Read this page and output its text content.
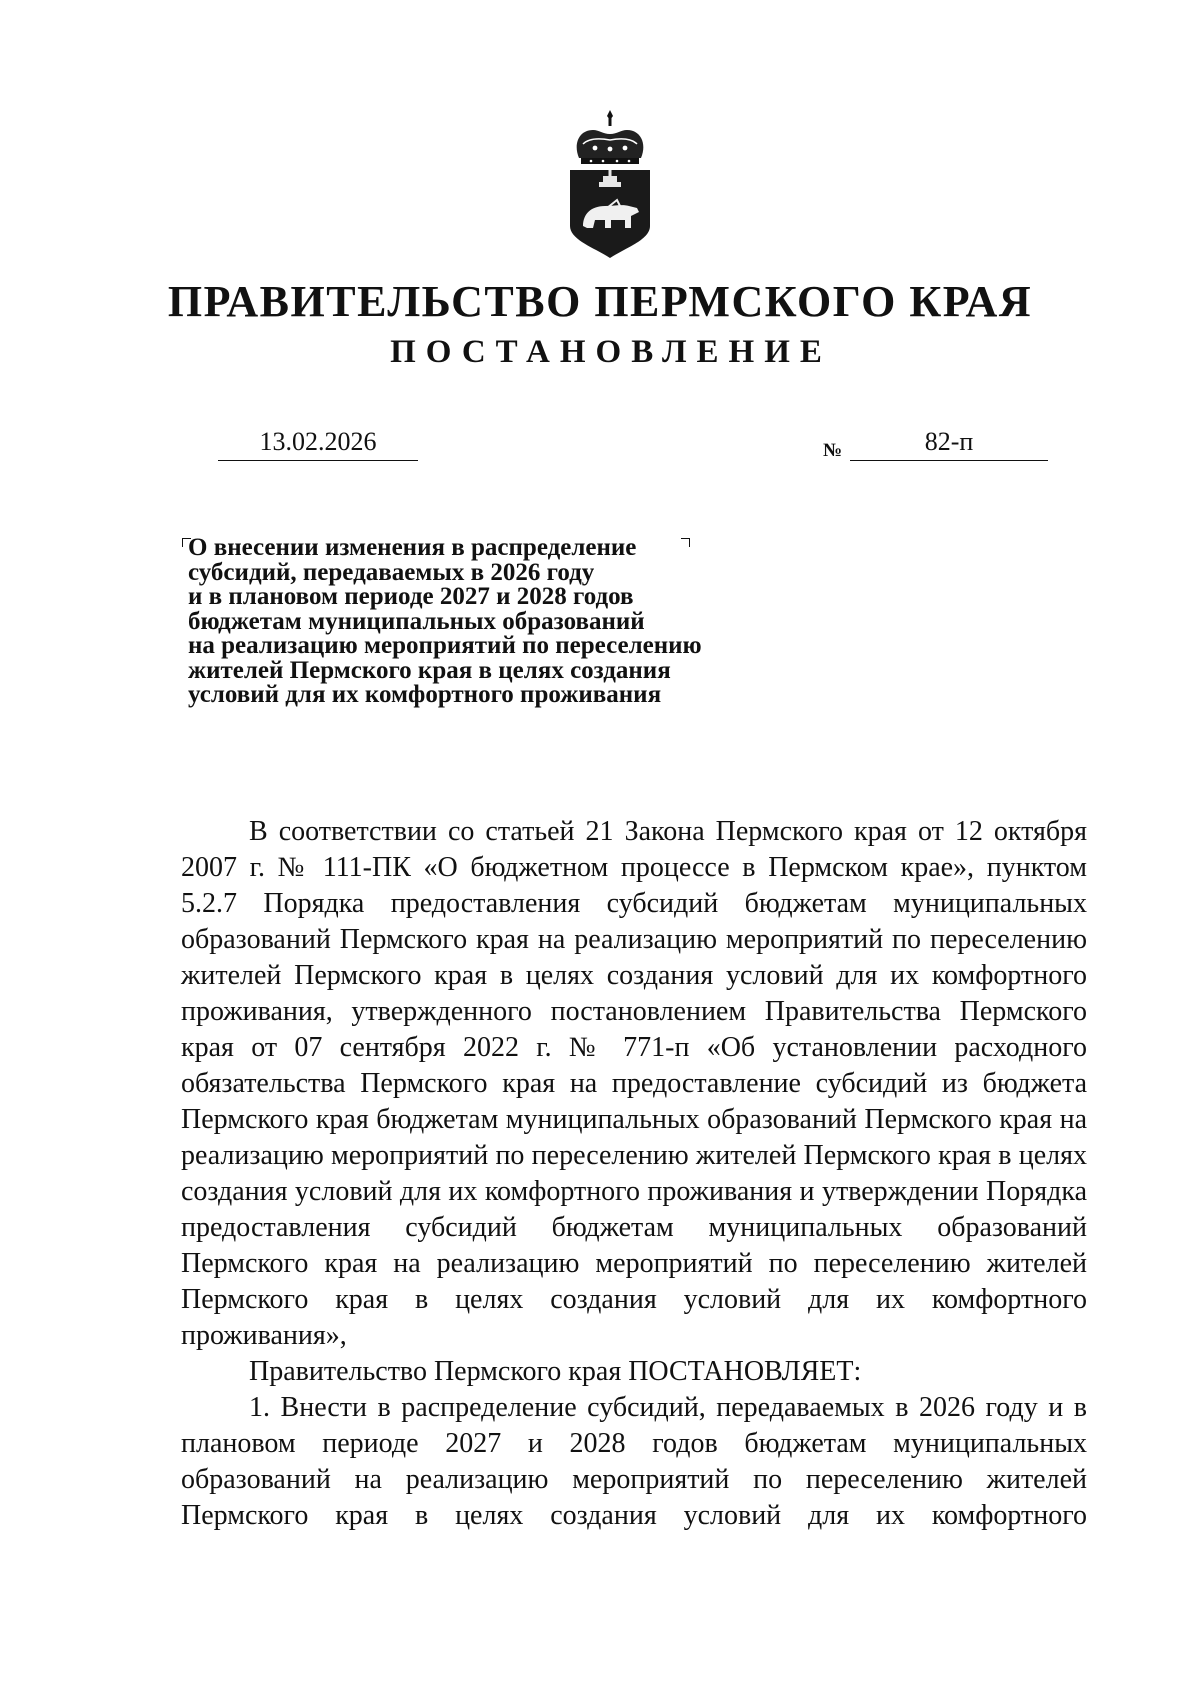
ПРАВИТЕЛЬСТВО ПЕРМСКОГО КРАЯ
ПОСТАНОВЛЕНИЕ
13.02.2026	№	82-п
О внесении изменения в распределение
субсидий, передаваемых в 2026 году
и в плановом периоде 2027 и 2028 годов
бюджетам муниципальных образований
на реализацию мероприятий по переселению
жителей Пермского края в целях создания
условий для их комфортного проживания

В соответствии со статьей 21 Закона Пермского края от 12 октября 2007 г. № 111-ПК «О бюджетном процессе в Пермском крае», пунктом 5.2.7 Порядка предоставления субсидий бюджетам муниципальных образований Пермского края на реализацию мероприятий по переселению жителей Пермского края в целях создания условий для их комфортного проживания, утвержденного постановлением Правительства Пермского края от 07 сентября 2022 г. № 771-п «Об установлении расходного обязательства Пермского края на предоставление субсидий из бюджета Пермского края бюджетам муниципальных образований Пермского края на реализацию мероприятий по переселению жителей Пермского края в целях создания условий для их комфортного проживания и утверждении Порядка предоставления субсидий бюджетам муниципальных образований Пермского края на реализацию мероприятий по переселению жителей Пермского края в целях создания условий для их комфортного проживания»,

Правительство Пермского края ПОСТАНОВЛЯЕТ:

1. Внести в распределение субсидий, передаваемых в 2026 году и в плановом периоде 2027 и 2028 годов бюджетам муниципальных образований на реализацию мероприятий по переселению жителей Пермского края в целях создания условий для их комфортного
